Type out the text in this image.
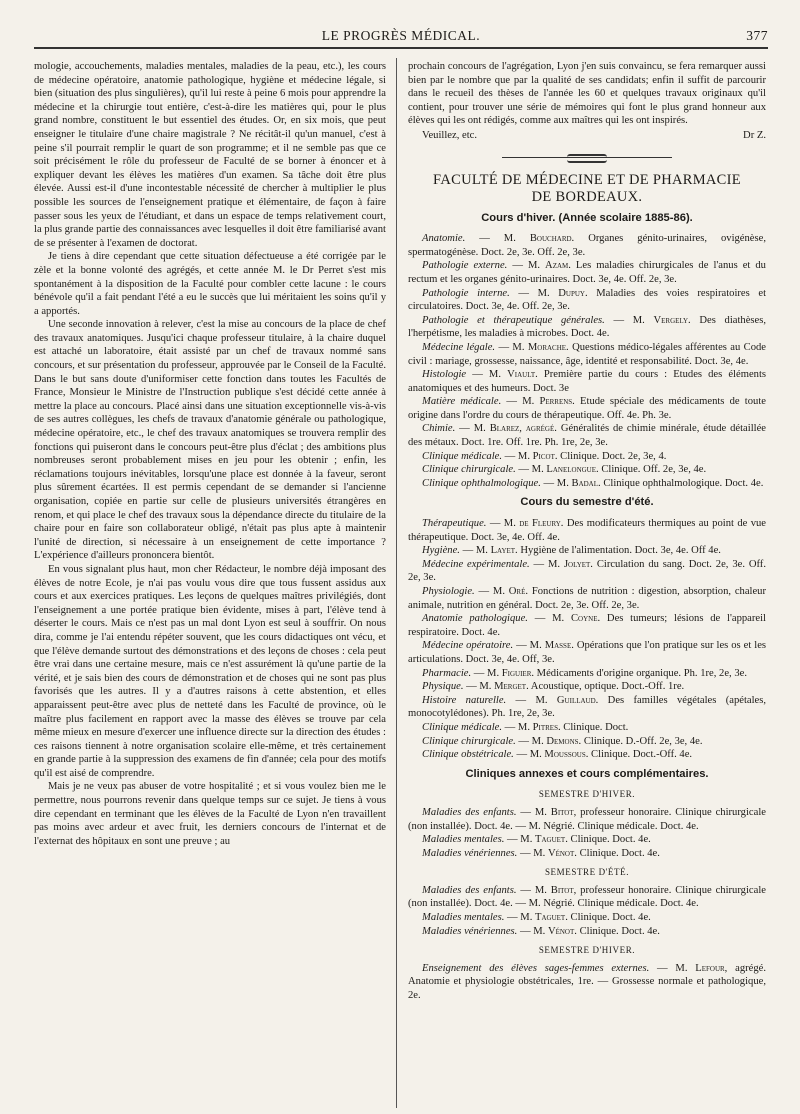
LE PROGRÈS MÉDICAL.	377

mologie, accouchements, maladies mentales, maladies de la peau, etc.), les cours de médecine opératoire, anatomie pathologique, hygiène et médecine légale, si bien (situation des plus singulières), qu'il lui reste à peine 6 mois pour apprendre la médecine et la chirurgie tout entière, c'est-à-dire les matières qui, pour le plus grand nombre, constituent le but essentiel des études. Or, en six mois, que peut enseigner le titulaire d'une chaire magistrale ? Ne récitât-il qu'un manuel, c'est à peine s'il pourrait remplir le quart de son programme; et il ne semble pas que ce soit précisément le rôle du professeur de Faculté de se borner à énoncer et à expliquer devant les élèves les matières d'un examen. Sa tâche doit être plus élevée. Aussi est-il d'une incontestable nécessité de chercher à multiplier le plus possible les sources de l'enseignement pratique et élémentaire, de façon à faire passer sous les yeux de l'étudiant, et dans un espace de temps relativement court, la plus grande partie des connaissances avec lesquelles il doit être familiarisé avant de se présenter à l'examen de doctorat.

Je tiens à dire cependant que cette situation défectueuse a été corrigée par le zèle et la bonne volonté des agrégés, et cette année M. le Dr Perret s'est mis spontanément à la disposition de la Faculté pour combler cette lacune : le cours bénévole qu'il a fait pendant l'été a eu le succès que lui méritaient les soins qu'il y a apportés.

Une seconde innovation à relever, c'est la mise au concours de la place de chef des travaux anatomiques. Jusqu'ici chaque professeur titulaire, à la chaire duquel est attaché un laboratoire, était assisté par un chef de travaux nommé sans concours, et sur présentation du professeur, approuvée par le Conseil de la Faculté. Dans le but sans doute d'uniformiser cette fonction dans toutes les Facultés de France, Monsieur le Ministre de l'Instruction publique s'est décidé cette année à mettre la place au concours. Placé ainsi dans une situation exceptionnelle vis-à-vis de ses autres collègues, les chefs de travaux d'anatomie générale ou pathologique, médecine opératoire, etc., le chef des travaux anatomiques se trouvera remplir des fonctions qui puiseront dans le concours peut-être plus d'éclat ; des ambitions plus nombreuses seront probablement mises en jeu pour les obtenir ; enfin, les réclamations toujours inévitables, lorsqu'une place est donnée à la faveur, seront plus sûrement écartées. Il est permis cependant de se demander si l'ancienne organisation, copiée en partie sur celle de plusieurs universités étrangères en renom, et qui place le chef des travaux sous la dépendance directe du titulaire de la chaire pour en faire son collaborateur obligé, n'était pas plus apte à maintenir l'unité de direction, si nécessaire à un enseignement de cette importance ? L'expérience d'ailleurs prononcera bientôt.

En vous signalant plus haut, mon cher Rédacteur, le nombre déjà imposant des élèves de notre Ecole, je n'ai pas voulu vous dire que tous fussent assidus aux cours et aux exercices pratiques. Les leçons de quelques maîtres privilégiés, dont l'enseignement a une portée pratique bien évidente, mises à part, l'élève tend à déserter le cours. Mais ce n'est pas un mal dont Lyon est seul à souffrir. On nous dira, comme je l'ai entendu répéter souvent, que les cours didactiques ont vécu, et que l'élève demande surtout des démonstrations et des leçons de choses : cela peut être vrai dans une certaine mesure, mais ce n'est assurément là qu'une partie de la vérité, et je sais bien des cours de démonstration et de choses qui ne sont pas plus favorisés que les autres. Il y a d'autres raisons à cette abstention, et elles apparaissent peut-être avec plus de netteté dans les Faculté de province, où le maître plus facilement en rapport avec la masse des élèves se trouve par cela même mieux en mesure d'exercer une influence directe sur la direction des études : ces raisons tiennent à notre organisation scolaire elle-même, et très certainement en grande partie à la suppression des examens de fin d'année; cela pour des motifs qu'il est aisé de comprendre.

Mais je ne veux pas abuser de votre hospitalité ; et si vous voulez bien me le permettre, nous pourrons revenir dans quelque temps sur ce sujet. Je tiens à vous dire cependant en terminant que les élèves de la Faculté de Lyon n'en travaillent pas moins avec ardeur et avec fruit, les derniers concours de l'internat et de l'externat des hôpitaux en sont une preuve ; au

prochain concours de l'agrégation, Lyon j'en suis convaincu, se fera remarquer aussi bien par le nombre que par la qualité de ses candidats; enfin il suffit de parcourir dans le recueil des thèses de l'année les 60 et quelques travaux originaux qu'il contient, pour trouver une série de mémoires qui font le plus grand honneur aux élèves qui les ont rédigés, comme aux maîtres qui les ont inspirés.

Veuillez, etc.	Dr Z.
FACULTÉ DE MÉDECINE ET DE PHARMACIE
DE BORDEAUX.
Cours d'hiver. (Année scolaire 1885-86).

Anatomie. — M. Bouchard. Organes génito-urinaires, ovigénèse, spermatogénèse. Doct. 2e, 3e. Off. 2e, 3e.

Pathologie externe. — M. Azam. Les maladies chirurgicales de l'anus et du rectum et les organes génito-urinaires. Doct. 3e, 4e. Off. 2e, 3e.

Pathologie interne. — M. Dupuy. Maladies des voies respiratoires et circulatoires. Doct. 3e, 4e. Off. 2e, 3e.

Pathologie et thérapeutique générales. — M. Vergely. Des diathèses, l'herpétisme, les maladies à microbes. Doct. 4e.

Médecine légale. — M. Morache. Questions médico-légales afférentes au Code civil : mariage, grossesse, naissance, âge, identité et responsabilité. Doct. 3e, 4e.

Histologie — M. Viault. Première partie du cours : Etudes des éléments anatomiques et des humeurs. Doct. 3e

Matière médicale. — M. Perrens. Etude spéciale des médicaments de toute origine dans l'ordre du cours de thérapeutique. Off. 4e. Ph. 3e.

Chimie. — M. Blarez, agrégé. Généralités de chimie minérale, étude détaillée des métaux. Doct. 1re. Off. 1re. Ph. 1re, 2e, 3e.

Clinique médicale. — M. Picot. Clinique. Doct. 2e, 3e, 4.

Clinique chirurgicale. — M. Lanelongue. Clinique. Off. 2e, 3e, 4e.

Clinique ophthalmologique. — M. Badal. Clinique ophthalmologique. Doct. 4e.

Cours du semestre d'été.

Thérapeutique. — M. de Fleury. Des modificateurs thermiques au point de vue thérapeutique. Doct. 3e, 4e. Off. 4e.

Hygiène. — M. Layet. Hygiène de l'alimentation. Doct. 3e, 4e. Off 4e.

Médecine expérimentale. — M. Jolyet. Circulation du sang. Doct. 2e, 3e. Off. 2e, 3e.

Physiologie. — M. Oré. Fonctions de nutrition : digestion, absorption, chaleur animale, nutrition en général. Doct. 2e, 3e. Off. 2e, 3e.

Anatomie pathologique. — M. Coyne. Des tumeurs; lésions de l'appareil respiratoire. Doct. 4e.

Médecine opératoire. — M. Masse. Opérations que l'on pratique sur les os et les articulations. Doct. 3e, 4e. Off, 3e.

Pharmacie. — M. Figuier. Médicaments d'origine organique. Ph. 1re, 2e, 3e.

Physique. — M. Merget. Acoustique, optique. Doct.-Off. 1re.

Histoire naturelle. — M. Guillaud. Des familles végétales (apétales, monocotylédones). Ph. 1re, 2e, 3e.

Clinique médicale. — M. Pitres. Clinique. Doct.

Clinique chirurgicale. — M. Demons. Clinique. D.-Off. 2e, 3e, 4e.

Clinique obstétricale. — M. Moussous. Clinique. Doct.-Off. 4e.

Cliniques annexes et cours complémentaires.
SEMESTRE D'HIVER.

Maladies des enfants. — M. Bitot, professeur honoraire. Clinique chirurgicale (non installée). Doct. 4e. — M. Négrié. Clinique médicale. Doct. 4e.

Maladies mentales. — M. Taguet. Clinique. Doct. 4e.

Maladies vénériennes. — M. Vénot. Clinique. Doct. 4e.

SEMESTRE D'ÉTÉ.

Maladies des enfants. — M. Bitot, professeur honoraire. Clinique chirurgicale (non installée). Doct. 4e. — M. Négrié. Clinique médicale. Doct. 4e.

Maladies mentales. — M. Taguet. Clinique. Doct. 4e.

Maladies vénériennes. — M. Vénot. Clinique. Doct. 4e.

SEMESTRE D'HIVER.

Enseignement des élèves sages-femmes externes. — M. Lefour, agrégé. Anatomie et physiologie obstétricales, 1re. — Grossesse normale et pathologique, 2e.
